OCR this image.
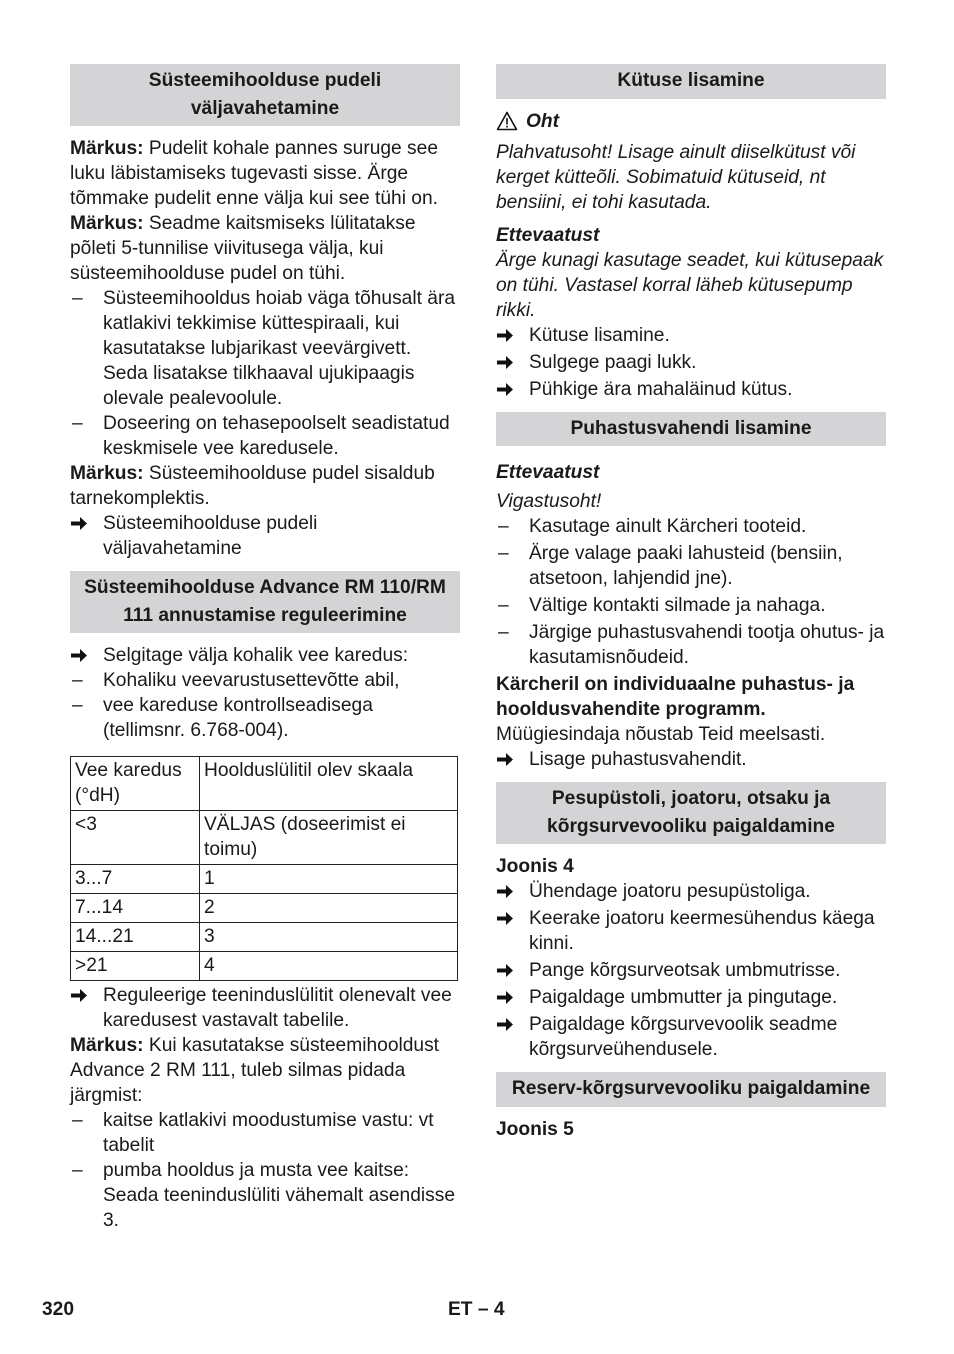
Süsteemihoolduse pudeli väljavahetamine

Märkus: Pudelit kohale pannes suruge see luku läbistamiseks tugevasti sisse. Ärge tõmmake pudelit enne välja kui see tühi on.

Märkus: Seadme kaitsmiseks lülitatakse põleti 5-tunnilise viivitusega välja, kui süsteemihoolduse pudel on tühi.

–	Süsteemihooldus hoiab väga tõhusalt ära katlakivi tekkimise küttespiraali, kui kasutatakse lubjarikast veevärgivett. Seda lisatakse tilkhaaval ujukipaagis olevale pealevoolule.
–	Doseering on tehasepoolselt seadistatud keskmisele vee karedusele.

Märkus: Süsteemihoolduse pudel sisaldub tarnekomplektis.

Süsteemihoolduse pudeli väljavahetamine
Süsteemihoolduse Advance RM 110/RM 111 annustamise reguleerimine
Selgitage välja kohalik vee karedus:
–	Kohaliku veevarustusettevõtte abil,
–	vee kareduse kontrollseadisega (tellimsnr. 6.768-004).
Vee karedus (°dH)	Hoolduslülitil olev skaala
<3	VÄLJAS (doseerimist ei toimu)
3...7	1
7...14	2
14...21	3
>21	4
Reguleerige teeninduslülitit olenevalt vee karedusest vastavalt tabelile.

Märkus: Kui kasutatakse süsteemihooldust Advance 2 RM 111, tuleb silmas pidada järgmist:

–	kaitse katlakivi moodustumise vastu: vt tabelit
–	pumba hooldus ja musta vee kaitse: Seada teeninduslüliti vähemalt asendisse 3.
Kütuse lisamine
Oht

Plahvatusoht! Lisage ainult diiselkütust või kerget kütteõli. Sobimatuid kütuseid, nt bensiini, ei tohi kasutada.

Ettevaatust

Ärge kunagi kasutage seadet, kui kütusepaak on tühi. Vastasel korral läheb kütusepump rikki.

Kütuse lisamine.
Sulgege paagi lukk.
Pühkige ära mahaläinud kütus.
Puhastusvahendi lisamine

Ettevaatust

Vigastusoht!

–	Kasutage ainult Kärcheri tooteid.
–	Ärge valage paaki lahusteid (bensiin, atsetoon, lahjendid jne).
–	Vältige kontakti silmade ja nahaga.
–	Järgige puhastusvahendi tootja ohutus- ja kasutamisnõudeid.

Kärcheril on individuaalne puhastus- ja hooldusvahendite programm.

Müügiesindaja nõustab Teid meelsasti.

Lisage puhastusvahendit.
Pesupüstoli, joatoru, otsaku ja kõrgsurvevooliku paigaldamine

Joonis 4

Ühendage joatoru pesupüstoliga.
Keerake joatoru keermesühendus käega kinni.
Pange kõrgsurveotsak umbmutrisse.
Paigaldage umbmutter ja pingutage.
Paigaldage kõrgsurvevoolik seadme kõrgsurveühendusele.
Reserv-kõrgsurvevooliku paigaldamine

Joonis 5

320	ET – 4
